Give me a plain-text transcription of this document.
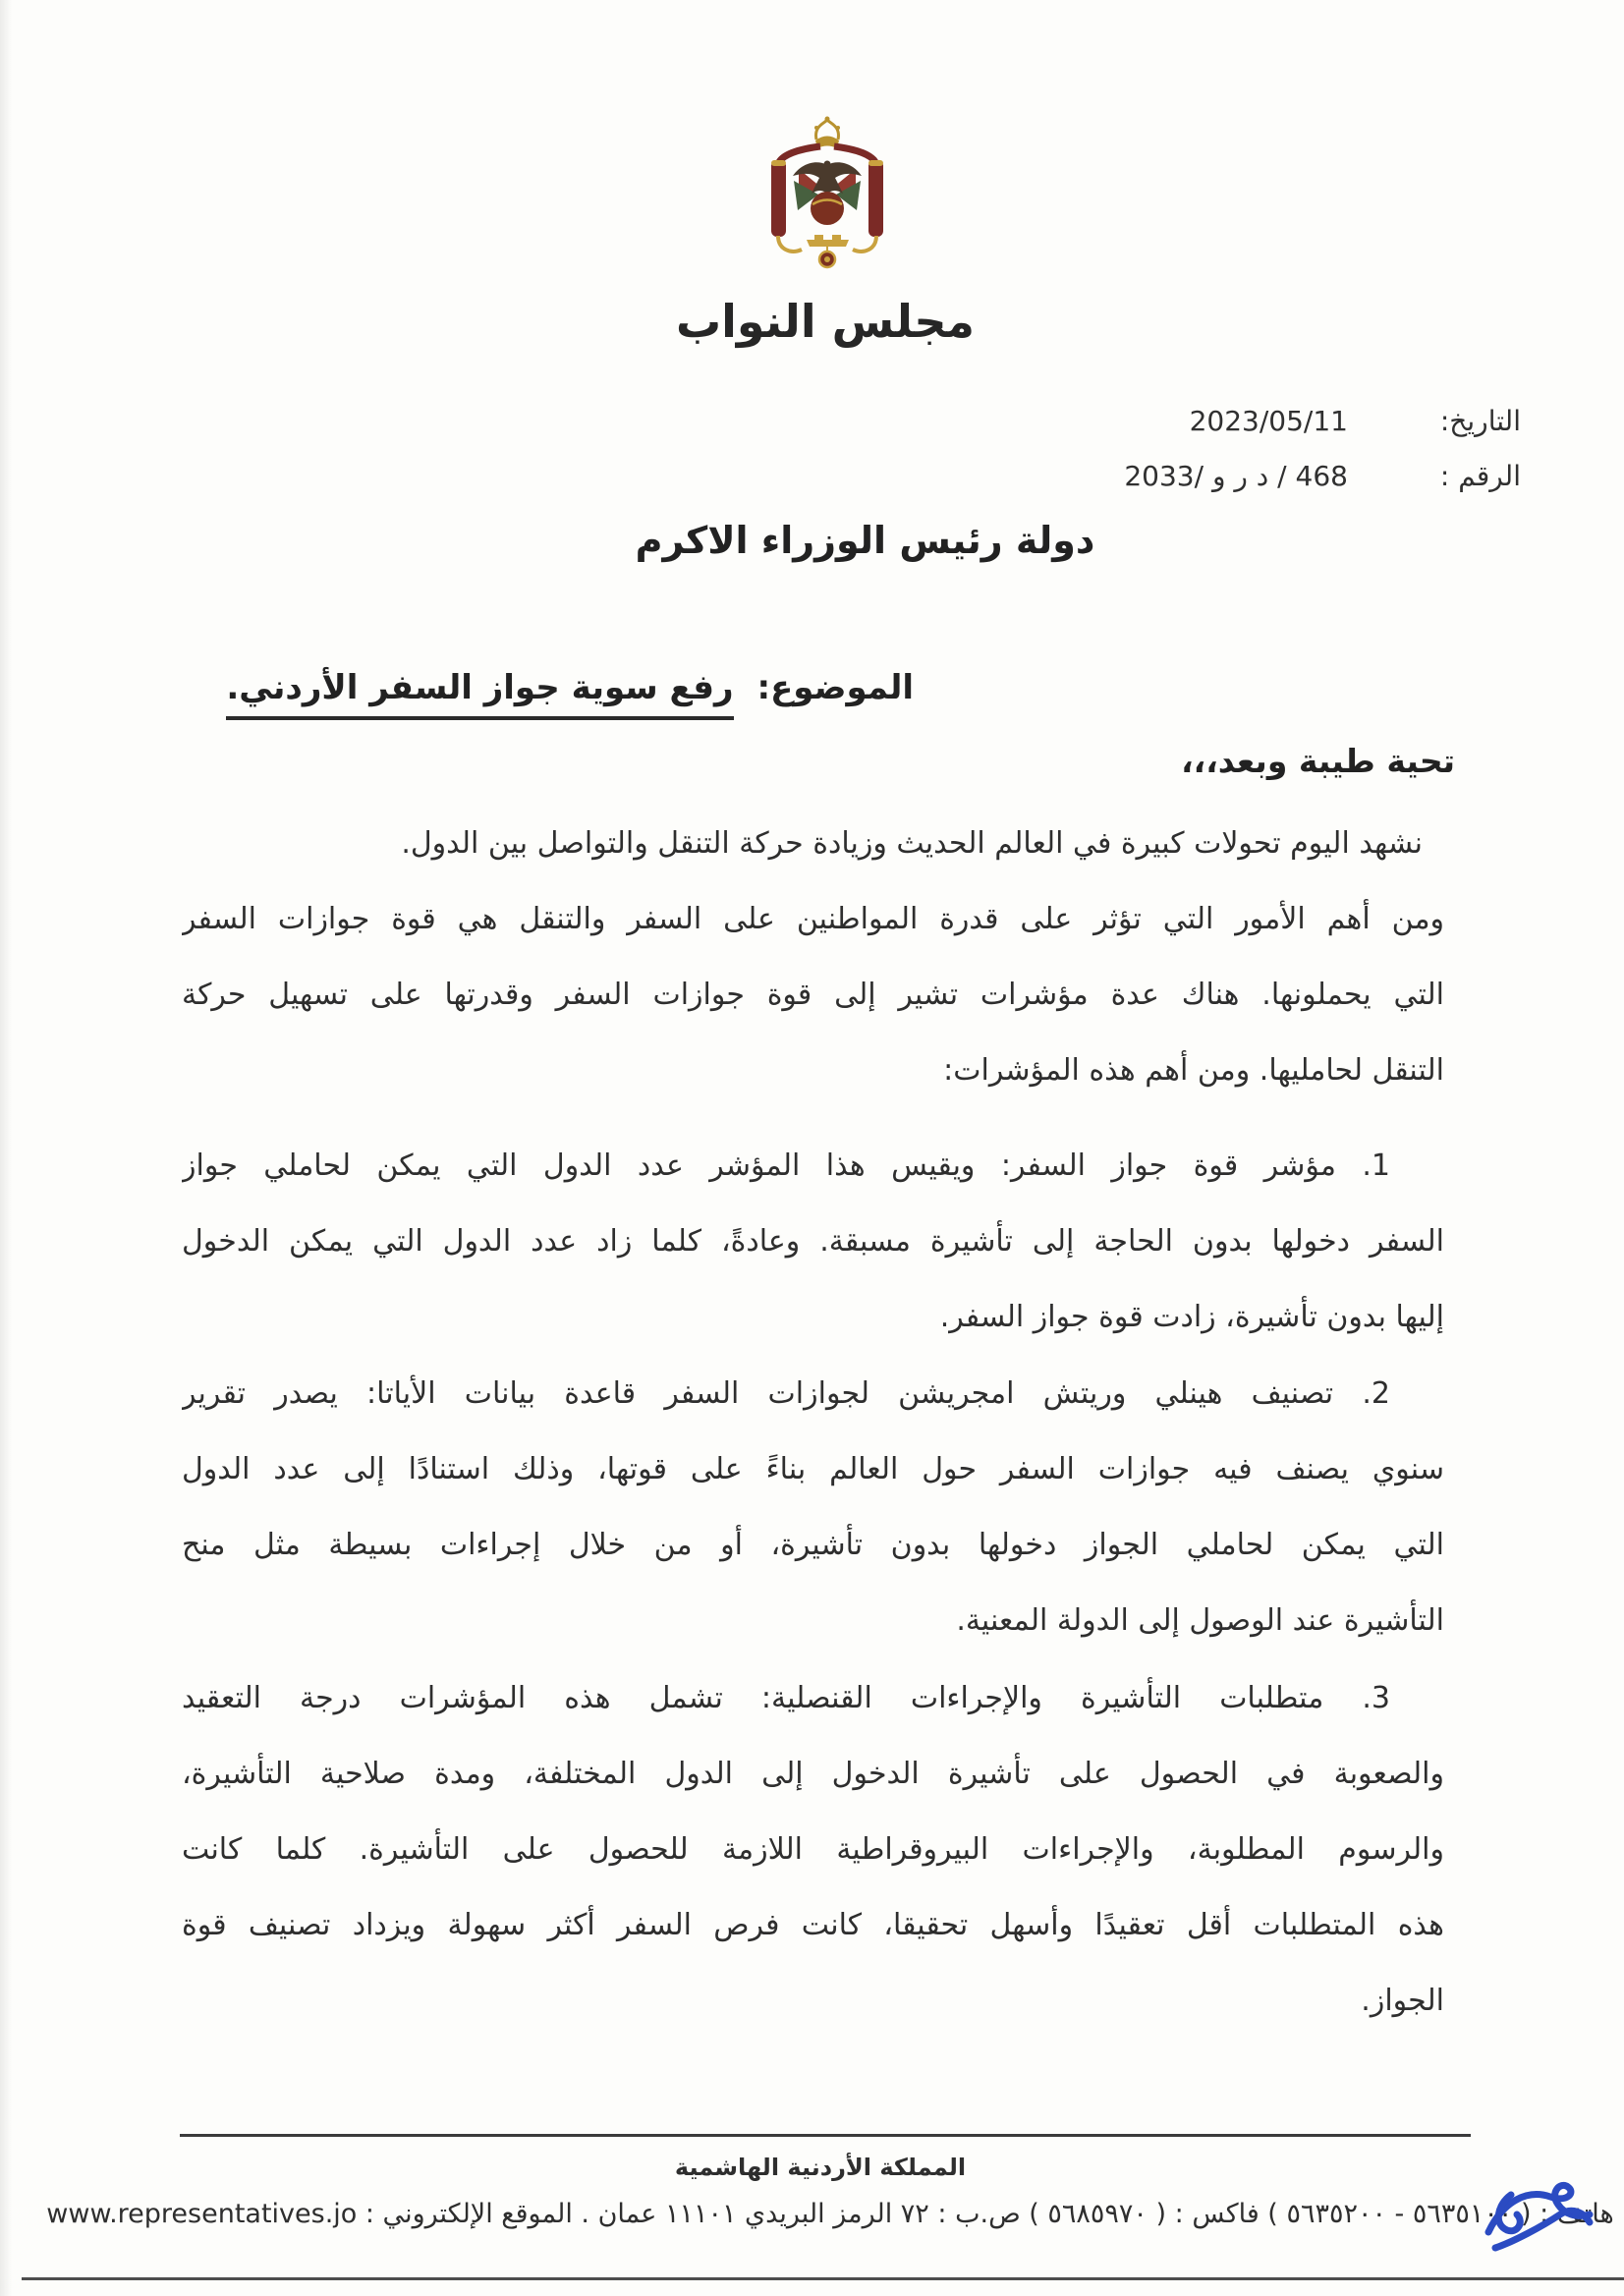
مجلس النواب
التاريخ: 2023/05/11
الرقم : 468 / د ر و /2033
دولة رئيس الوزراء الاكرم
الموضوع: رفع سوية جواز السفر الأردني.
تحية طيبة وبعد،،،
نشهد اليوم تحولات كبيرة في العالم الحديث وزيادة حركة التنقل والتواصل بين الدول.
ومن أهم الأمور التي تؤثر على قدرة المواطنين على السفر والتنقل هي قوة جوازات السفر
التي يحملونها. هناك عدة مؤشرات تشير إلى قوة جوازات السفر وقدرتها على تسهيل حركة
التنقل لحامليها. ومن أهم هذه المؤشرات:
1. مؤشر قوة جواز السفر: ويقيس هذا المؤشر عدد الدول التي يمكن لحاملي جواز
السفر دخولها بدون الحاجة إلى تأشيرة مسبقة. وعادةً، كلما زاد عدد الدول التي يمكن الدخول
إليها بدون تأشيرة، زادت قوة جواز السفر.
2. تصنيف هينلي وريتش امجريشن لجوازات السفر قاعدة بيانات الأياتا: يصدر تقرير
سنوي يصنف فيه جوازات السفر حول العالم بناءً على قوتها، وذلك استنادًا إلى عدد الدول
التي يمكن لحاملي الجواز دخولها بدون تأشيرة، أو من خلال إجراءات بسيطة مثل منح
التأشيرة عند الوصول إلى الدولة المعنية.
3. متطلبات التأشيرة والإجراءات القنصلية: تشمل هذه المؤشرات درجة التعقيد
والصعوبة في الحصول على تأشيرة الدخول إلى الدول المختلفة، ومدة صلاحية التأشيرة،
والرسوم المطلوبة، والإجراءات البيروقراطية اللازمة للحصول على التأشيرة. كلما كانت
هذه المتطلبات أقل تعقيدًا وأسهل تحقيقا، كانت فرص السفر أكثر سهولة ويزداد تصنيف قوة
الجواز.
المملكة الأردنية الهاشمية
هاتف : ( ٥٦٣٥١٠٠ - ٥٦٣٥٢٠٠ ) فاكس : ( ٥٦٨٥٩٧٠ ) ص.ب : ٧٢ الرمز البريدي ١١١٠١ عمان . الموقع الإلكتروني : www.representatives.jo
